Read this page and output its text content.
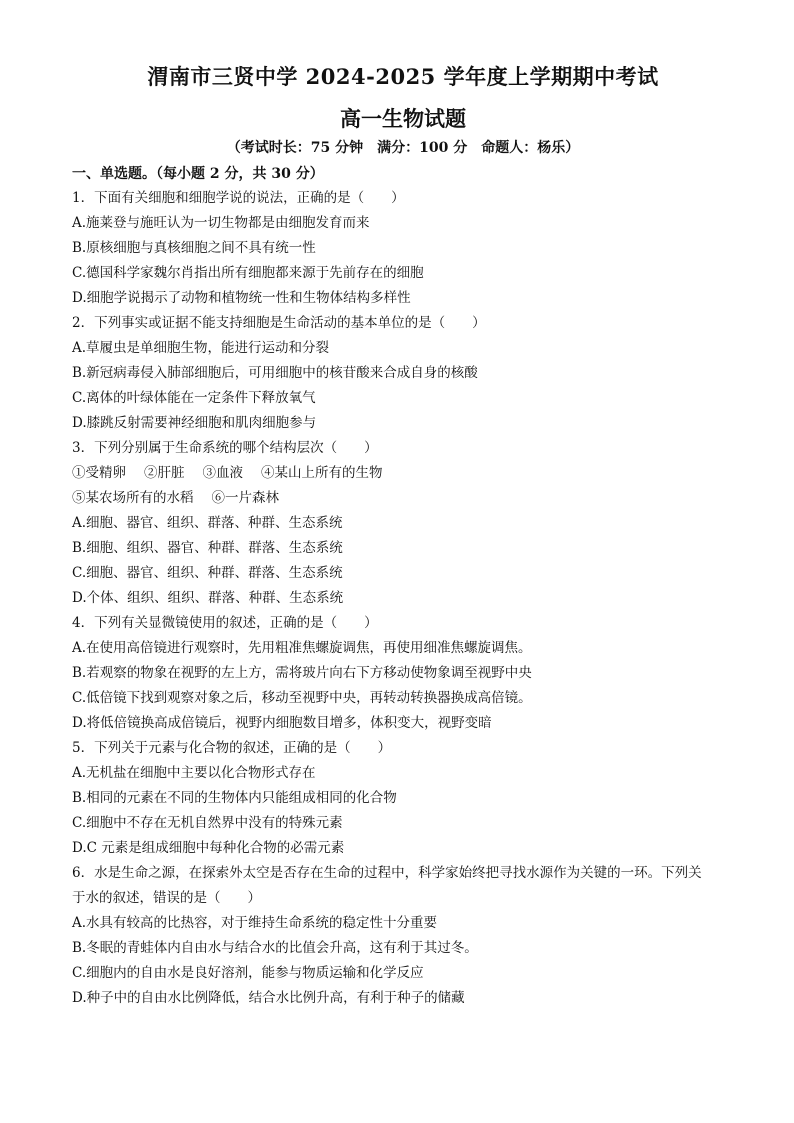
渭南市三贤中学 2024-2025 学年度上学期期中考试

高一生物试题

（考试时长：75 分钟　满分：100 分　命题人：杨乐）

一、单选题。（每小题 2 分，共 30 分）

1．下面有关细胞和细胞学说的说法，正确的是（　　）

A.施莱登与施旺认为一切生物都是由细胞发育而来

B.原核细胞与真核细胞之间不具有统一性

C.德国科学家魏尔肖指出所有细胞都来源于先前存在的细胞

D.细胞学说揭示了动物和植物统一性和生物体结构多样性

2．下列事实或证据不能支持细胞是生命活动的基本单位的是（　　）

A.草履虫是单细胞生物，能进行运动和分裂

B.新冠病毒侵入肺部细胞后，可用细胞中的核苷酸来合成自身的核酸

C.离体的叶绿体能在一定条件下释放氧气

D.膝跳反射需要神经细胞和肌肉细胞参与

3．下列分别属于生命系统的哪个结构层次（　　）

①受精卵 ②肝脏 ③血液 ④某山上所有的生物

⑤某农场所有的水稻 ⑥一片森林

A.细胞、器官、组织、群落、种群、生态系统

B.细胞、组织、器官、种群、群落、生态系统

C.细胞、器官、组织、种群、群落、生态系统

D.个体、组织、组织、群落、种群、生态系统

4．下列有关显微镜使用的叙述，正确的是（　　）

A.在使用高倍镜进行观察时，先用粗准焦螺旋调焦，再使用细准焦螺旋调焦。

B.若观察的物象在视野的左上方，需将玻片向右下方移动使物象调至视野中央

C.低倍镜下找到观察对象之后，移动至视野中央，再转动转换器换成高倍镜。

D.将低倍镜换高成倍镜后，视野内细胞数目增多，体积变大，视野变暗

5．下列关于元素与化合物的叙述，正确的是（　　）

A.无机盐在细胞中主要以化合物形式存在

B.相同的元素在不同的生物体内只能组成相同的化合物

C.细胞中不存在无机自然界中没有的特殊元素

D.C 元素是组成细胞中每种化合物的必需元素

6．水是生命之源，在探索外太空是否存在生命的过程中，科学家始终把寻找水源作为关键的一环。下列关

于水的叙述，错误的是（　　）

A.水具有较高的比热容，对于维持生命系统的稳定性十分重要

B.冬眠的青蛙体内自由水与结合水的比值会升高，这有利于其过冬。

C.细胞内的自由水是良好溶剂，能参与物质运输和化学反应

D.种子中的自由水比例降低，结合水比例升高，有利于种子的储藏
